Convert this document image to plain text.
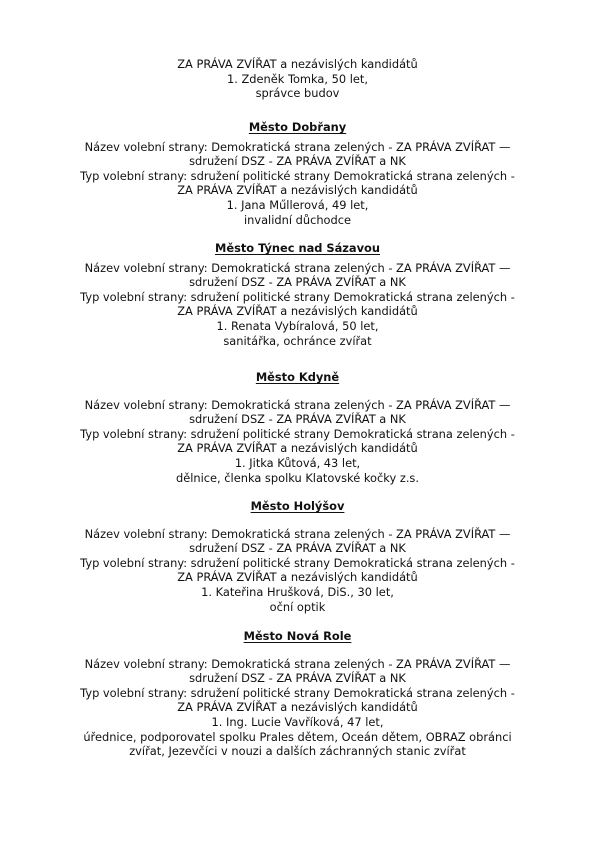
ZA PRÁVA ZVÍŘAT a nezávislých kandidátů
1. Zdeněk Tomka, 50 let,
správce budov
Město Dobřany
Název volební strany: Demokratická strana zelených - ZA PRÁVA ZVÍŘAT —
sdružení DSZ - ZA PRÁVA ZVÍŘAT a NK
Typ volební strany: sdružení politické strany Demokratická strana zelených -
ZA PRÁVA ZVÍŘAT a nezávislých kandidátů
1. Jana Műllerová, 49 let,
invalidní důchodce
Město Týnec nad Sázavou
Název volební strany: Demokratická strana zelených - ZA PRÁVA ZVÍŘAT —
sdružení DSZ - ZA PRÁVA ZVÍŘAT a NK
Typ volební strany: sdružení politické strany Demokratická strana zelených -
ZA PRÁVA ZVÍŘAT a nezávislých kandidátů
1. Renata Vybíralová, 50 let,
sanitářka, ochránce zvířat
Město Kdyně
Název volební strany: Demokratická strana zelených - ZA PRÁVA ZVÍŘAT —
sdružení DSZ - ZA PRÁVA ZVÍŘAT a NK
Typ volební strany: sdružení politické strany Demokratická strana zelených -
ZA PRÁVA ZVÍŘAT a nezávislých kandidátů
1. Jitka Kůtová, 43 let,
dělnice, členka spolku Klatovské kočky z.s.
Město Holýšov
Název volební strany: Demokratická strana zelených - ZA PRÁVA ZVÍŘAT —
sdružení DSZ - ZA PRÁVA ZVÍŘAT a NK
Typ volební strany: sdružení politické strany Demokratická strana zelených -
ZA PRÁVA ZVÍŘAT a nezávislých kandidátů
1. Kateřina Hrušková, DiS., 30 let,
oční optik
Město Nová Role
Název volební strany: Demokratická strana zelených - ZA PRÁVA ZVÍŘAT —
sdružení DSZ - ZA PRÁVA ZVÍŘAT a NK
Typ volební strany: sdružení politické strany Demokratická strana zelených -
ZA PRÁVA ZVÍŘAT a nezávislých kandidátů
1. Ing. Lucie Vavříková, 47 let,
úřednice, podporovatel spolku Prales dětem, Oceán dětem, OBRAZ obránci
zvířat, Jezevčíci v nouzi a dalších záchranných stanic zvířat
